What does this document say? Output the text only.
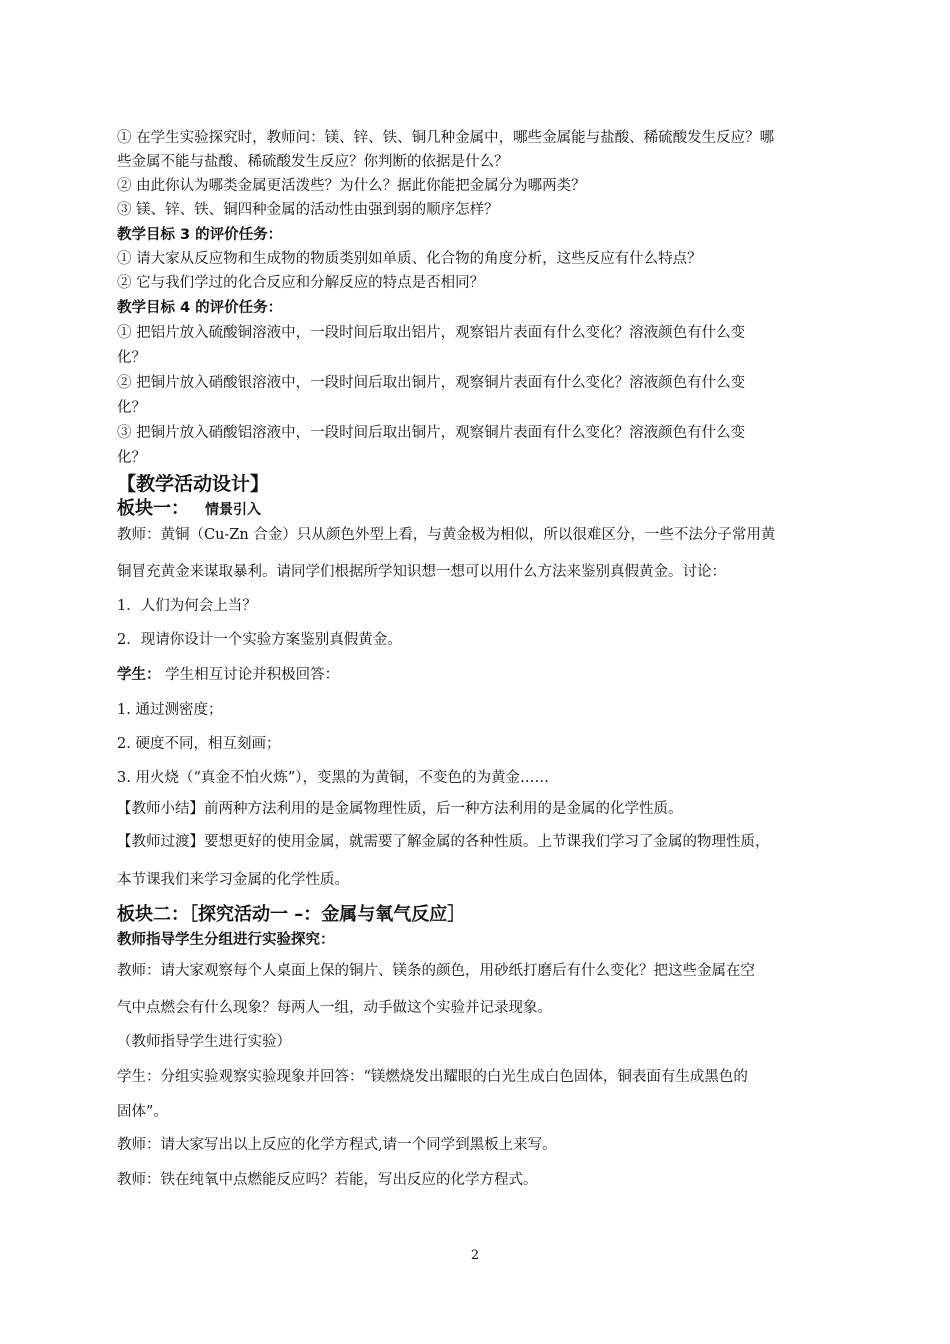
① 在学生实验探究时，教师问：镁、锌、铁、铜几种金属中，哪些金属能与盐酸、稀硫酸发生反应？哪
些金属不能与盐酸、稀硫酸发生反应？你判断的依据是什么？
② 由此你认为哪类金属更活泼些？为什么？据此你能把金属分为哪两类？
③ 镁、锌、铁、铜四种金属的活动性由强到弱的顺序怎样？
教学目标 3 的评价任务：
① 请大家从反应物和生成物的物质类别如单质、化合物的角度分析，这些反应有什么特点？
② 它与我们学过的化合反应和分解反应的特点是否相同？
教学目标 4 的评价任务：
① 把铝片放入硫酸铜溶液中，一段时间后取出铝片，观察铝片表面有什么变化？溶液颜色有什么变
化？
② 把铜片放入硝酸银溶液中，一段时间后取出铜片，观察铜片表面有什么变化？溶液颜色有什么变
化？
③ 把铜片放入硝酸铝溶液中，一段时间后取出铜片，观察铜片表面有什么变化？溶液颜色有什么变
化？
【教学活动设计】
板块一： 情景引入
教师：黄铜（Cu-Zn 合金）只从颜色外型上看，与黄金极为相似，所以很难区分，一些不法分子常用黄
铜冒充黄金来谋取暴利。请同学们根据所学知识想一想可以用什么方法来鉴别真假黄金。讨论：
1．人们为何会上当？
2．现请你设计一个实验方案鉴别真假黄金。
学生： 学生相互讨论并积极回答：
1. 通过测密度；
2. 硬度不同，相互刻画；
3. 用火烧（“真金不怕火炼”），变黑的为黄铜，不变色的为黄金……
【教师小结】前两种方法利用的是金属物理性质，后一种方法利用的是金属的化学性质。
【教师过渡】要想更好的使用金属，就需要了解金属的各种性质。上节课我们学习了金属的物理性质，
本节课我们来学习金属的化学性质。
板块二：［探究活动一 –：金属与氧气反应］
教师指导学生分组进行实验探究：
教师：请大家观察每个人桌面上保的铜片、镁条的颜色，用砂纸打磨后有什么变化？把这些金属在空
气中点燃会有什么现象？每两人一组，动手做这个实验并记录现象。
（教师指导学生进行实验）
学生：分组实验观察实验现象并回答：“镁燃烧发出耀眼的白光生成白色固体，铜表面有生成黑色的
固体”。
教师：请大家写出以上反应的化学方程式,请一个同学到黑板上来写。
教师：铁在纯氧中点燃能反应吗？若能，写出反应的化学方程式。
2
